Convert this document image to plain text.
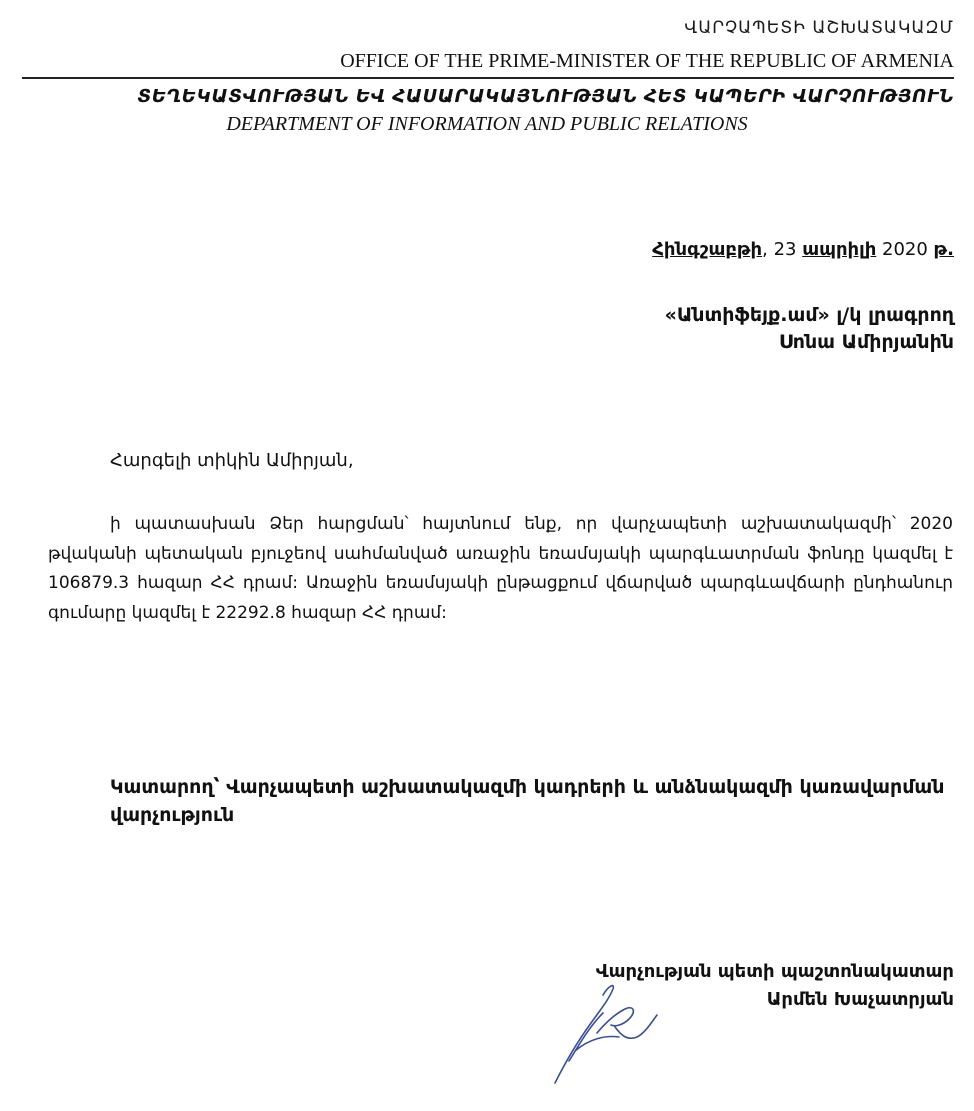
ՎԱՐՉԱՊԵՏԻ ԱՇԽԱՏԱԿԱԶՄ
OFFICE OF THE PRIME-MINISTER OF THE REPUBLIC OF ARMENIA
ՏԵՂԵԿԱՏՎՈՒԹՅԱՆ ԵՎ ՀԱՍԱՐԱԿԱՅՆՈՒԹՅԱՆ ՀԵՏ ԿԱՊԵՐԻ ՎԱՐՉՈՒԹՅՈՒՆ
DEPARTMENT OF INFORMATION AND PUBLIC RELATIONS
Հինգշաբթի, 23 ապրիլի 2020 թ.
«Անտիֆեյք.ամ» լ/կ լրագրող
Սոնա Ամիրյանին
Հարգելի տիկին Ամիրյան,
ի պատասխան Ձեր հարցման՝ հայտնում ենք, որ վարչապետի աշխատակազմի՝ 2020 թվականի պետական բյուջեով սահմանված առաջին եռամսյակի պարգևատրման ֆոնդը կազմել է 106879.3 հազար ՀՀ դրամ: Առաջին եռամսյակի ընթացքում վճարված պարգևավճարի ընդհանուր գումարը կազմել է 22292.8 հազար ՀՀ դրամ:
Կատարող՝ Վարչապետի աշխատակազմի կադրերի և անձնակազմի կառավարման վարչություն
Վարչության պետի պաշտոնակատար
Արմեն Խաչատրյան
